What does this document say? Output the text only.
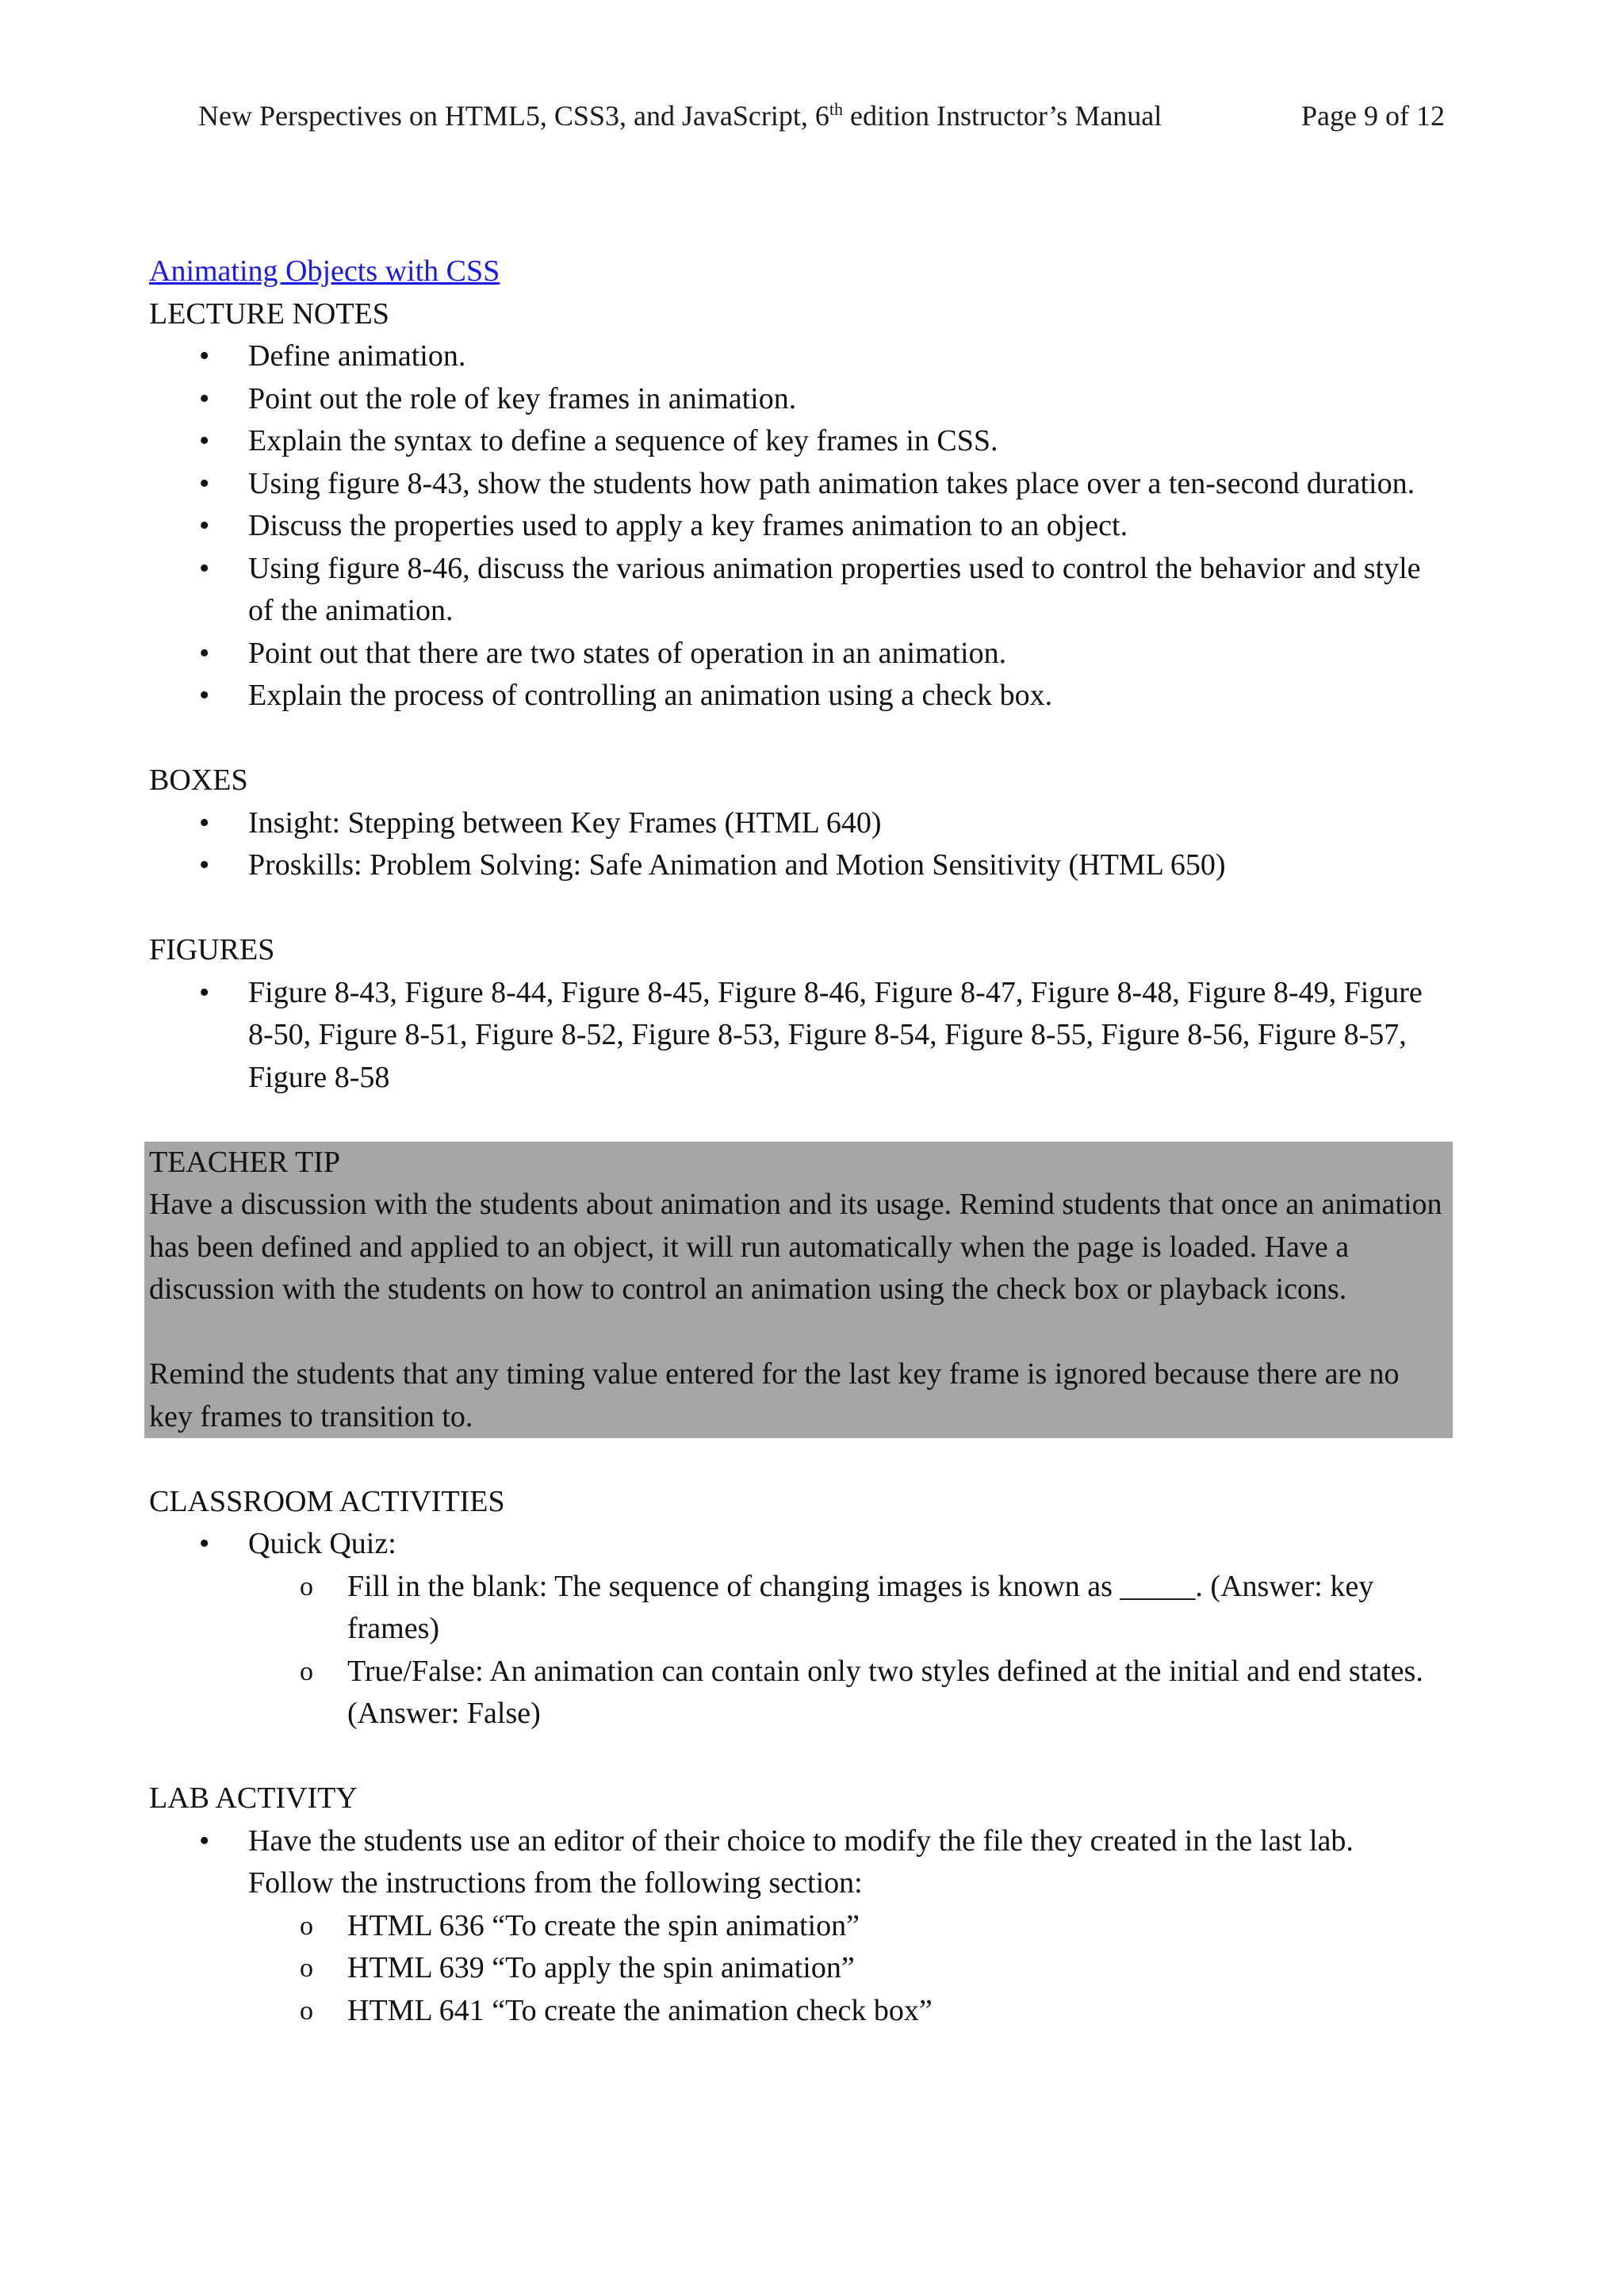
New Perspectives on HTML5, CSS3, and JavaScript, 6th edition Instructor’s Manual	Page 9 of 12
Animating Objects with CSS
LECTURE NOTES
• Define animation.
• Point out the role of key frames in animation.
• Explain the syntax to define a sequence of key frames in CSS.
• Using figure 8-43, show the students how path animation takes place over a ten-second duration.
• Discuss the properties used to apply a key frames animation to an object.
• Using figure 8-46, discuss the various animation properties used to control the behavior and style of the animation.
• Point out that there are two states of operation in an animation.
• Explain the process of controlling an animation using a check box.
BOXES
• Insight: Stepping between Key Frames (HTML 640)
• Proskills: Problem Solving: Safe Animation and Motion Sensitivity (HTML 650)
FIGURES
• Figure 8-43, Figure 8-44, Figure 8-45, Figure 8-46, Figure 8-47, Figure 8-48, Figure 8-49, Figure 8-50, Figure 8-51, Figure 8-52, Figure 8-53, Figure 8-54, Figure 8-55, Figure 8-56, Figure 8-57, Figure 8-58
TEACHER TIP
Have a discussion with the students about animation and its usage. Remind students that once an animation has been defined and applied to an object, it will run automatically when the page is loaded. Have a discussion with the students on how to control an animation using the check box or playback icons.
Remind the students that any timing value entered for the last key frame is ignored because there are no key frames to transition to.
CLASSROOM ACTIVITIES
• Quick Quiz:
o Fill in the blank: The sequence of changing images is known as _____. (Answer: key frames)
o True/False: An animation can contain only two styles defined at the initial and end states. (Answer: False)
LAB ACTIVITY
• Have the students use an editor of their choice to modify the file they created in the last lab. Follow the instructions from the following section:
o HTML 636 “To create the spin animation”
o HTML 639 “To apply the spin animation”
o HTML 641 “To create the animation check box”
